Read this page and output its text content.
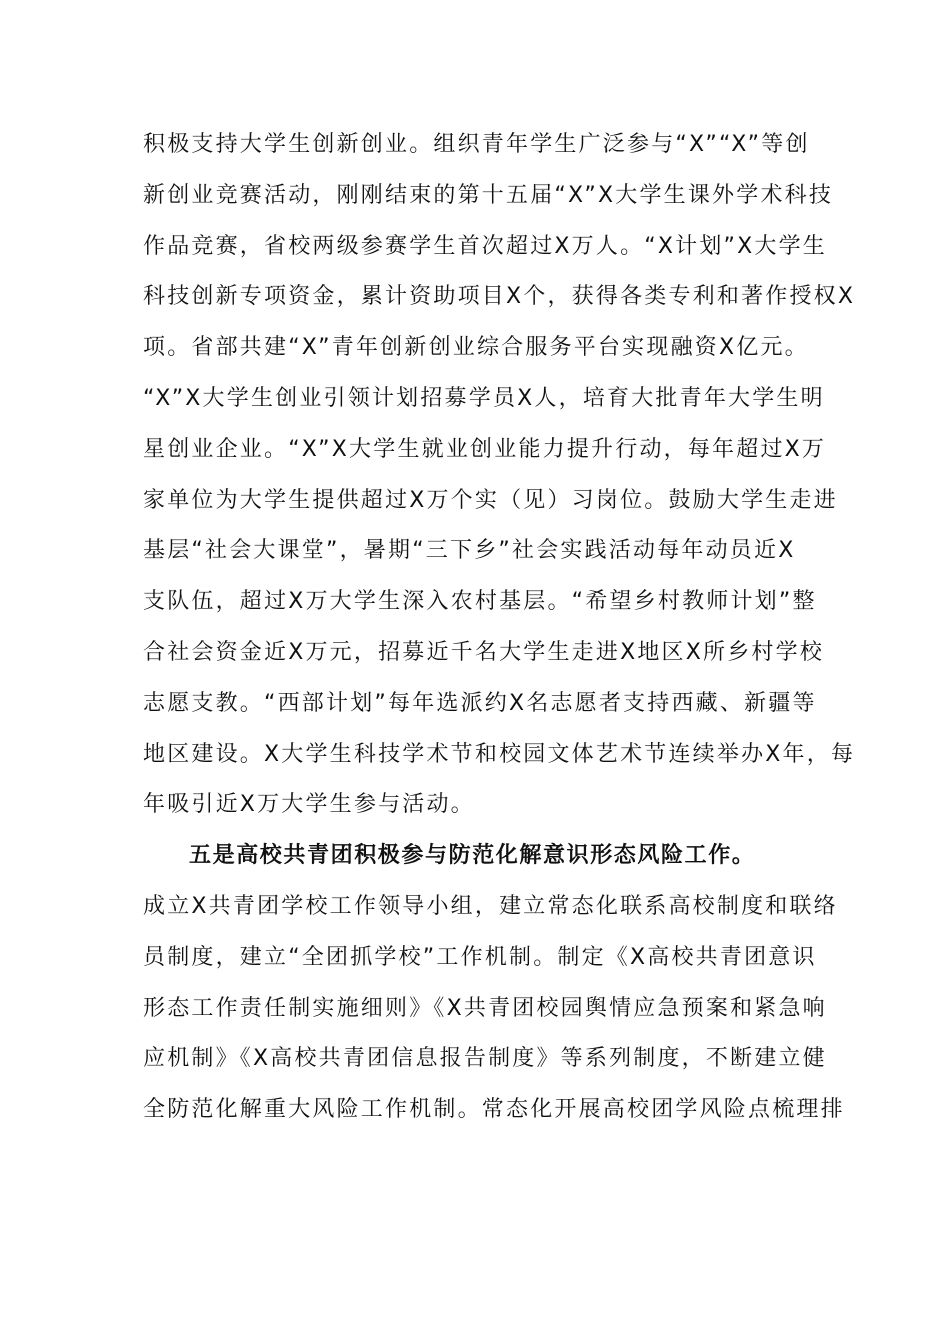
积极支持大学生创新创业。组织青年学生广泛参与“X”“X”等创
新创业竞赛活动，刚刚结束的第十五届“X”X大学生课外学术科技
作品竞赛，省校两级参赛学生首次超过X万人。“X计划”X大学生
科技创新专项资金，累计资助项目X个，获得各类专利和著作授权X
项。省部共建“X”青年创新创业综合服务平台实现融资X亿元。
“X”X大学生创业引领计划招募学员X人，培育大批青年大学生明
星创业企业。“X”X大学生就业创业能力提升行动，每年超过X万
家单位为大学生提供超过X万个实（见）习岗位。鼓励大学生走进
基层“社会大课堂”，暑期“三下乡”社会实践活动每年动员近X
支队伍，超过X万大学生深入农村基层。“希望乡村教师计划”整
合社会资金近X万元，招募近千名大学生走进X地区X所乡村学校
志愿支教。“西部计划”每年选派约X名志愿者支持西藏、新疆等
地区建设。X大学生科技学术节和校园文体艺术节连续举办X年，每
年吸引近X万大学生参与活动。
五是高校共青团积极参与防范化解意识形态风险工作。
成立X共青团学校工作领导小组，建立常态化联系高校制度和联络
员制度，建立“全团抓学校”工作机制。制定《X高校共青团意识
形态工作责任制实施细则》《X共青团校园舆情应急预案和紧急响
应机制》《X高校共青团信息报告制度》等系列制度，不断建立健
全防范化解重大风险工作机制。常态化开展高校团学风险点梳理排
